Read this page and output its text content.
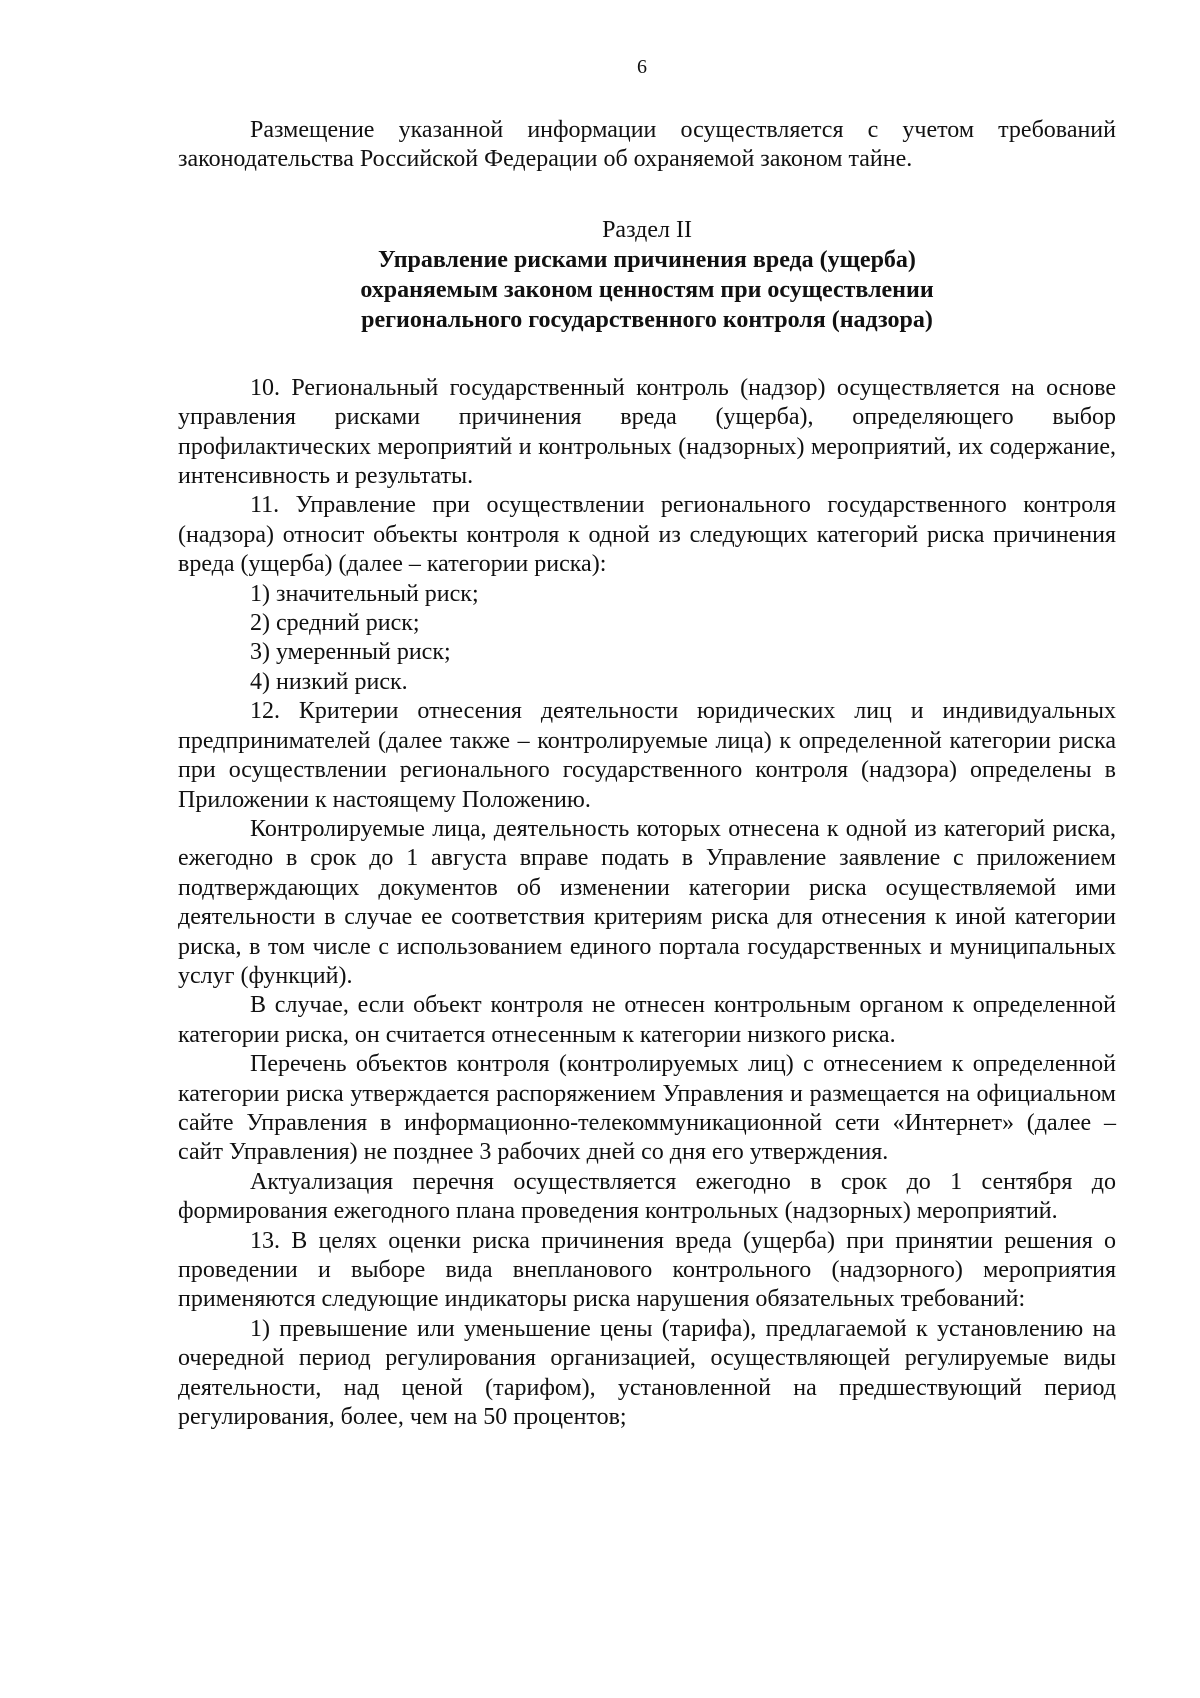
6

Размещение указанной информации осуществляется с учетом требований законодательства Российской Федерации об охраняемой законом тайне.

Раздел II
Управление рисками причинения вреда (ущерба) охраняемым законом ценностям при осуществлении регионального государственного контроля (надзора)

10. Региональный государственный контроль (надзор) осуществляется на основе управления рисками причинения вреда (ущерба), определяющего выбор профилактических мероприятий и контрольных (надзорных) мероприятий, их содержание, интенсивность и результаты.

11. Управление при осуществлении регионального государственного контроля (надзора) относит объекты контроля к одной из следующих категорий риска причинения вреда (ущерба) (далее – категории риска):

1) значительный риск;

2) средний риск;

3) умеренный риск;

4) низкий риск.

12. Критерии отнесения деятельности юридических лиц и индивидуальных предпринимателей (далее также – контролируемые лица) к определенной категории риска при осуществлении регионального государственного контроля (надзора) определены в Приложении к настоящему Положению.

Контролируемые лица, деятельность которых отнесена к одной из категорий риска, ежегодно в срок до 1 августа вправе подать в Управление заявление с приложением подтверждающих документов об изменении категории риска осуществляемой ими деятельности в случае ее соответствия критериям риска для отнесения к иной категории риска, в том числе с использованием единого портала государственных и муниципальных услуг (функций).

В случае, если объект контроля не отнесен контрольным органом к определенной категории риска, он считается отнесенным к категории низкого риска.

Перечень объектов контроля (контролируемых лиц) с отнесением к определенной категории риска утверждается распоряжением Управления и размещается на официальном сайте Управления в информационно-телекоммуникационной сети «Интернет» (далее – сайт Управления) не позднее 3 рабочих дней со дня его утверждения.

Актуализация перечня осуществляется ежегодно в срок до 1 сентября до формирования ежегодного плана проведения контрольных (надзорных) мероприятий.

13. В целях оценки риска причинения вреда (ущерба) при принятии решения о проведении и выборе вида внепланового контрольного (надзорного) мероприятия применяются следующие индикаторы риска нарушения обязательных требований:

1) превышение или уменьшение цены (тарифа), предлагаемой к установлению на очередной период регулирования организацией, осуществляющей регулируемые виды деятельности, над ценой (тарифом), установленной на предшествующий период регулирования, более, чем на 50 процентов;
